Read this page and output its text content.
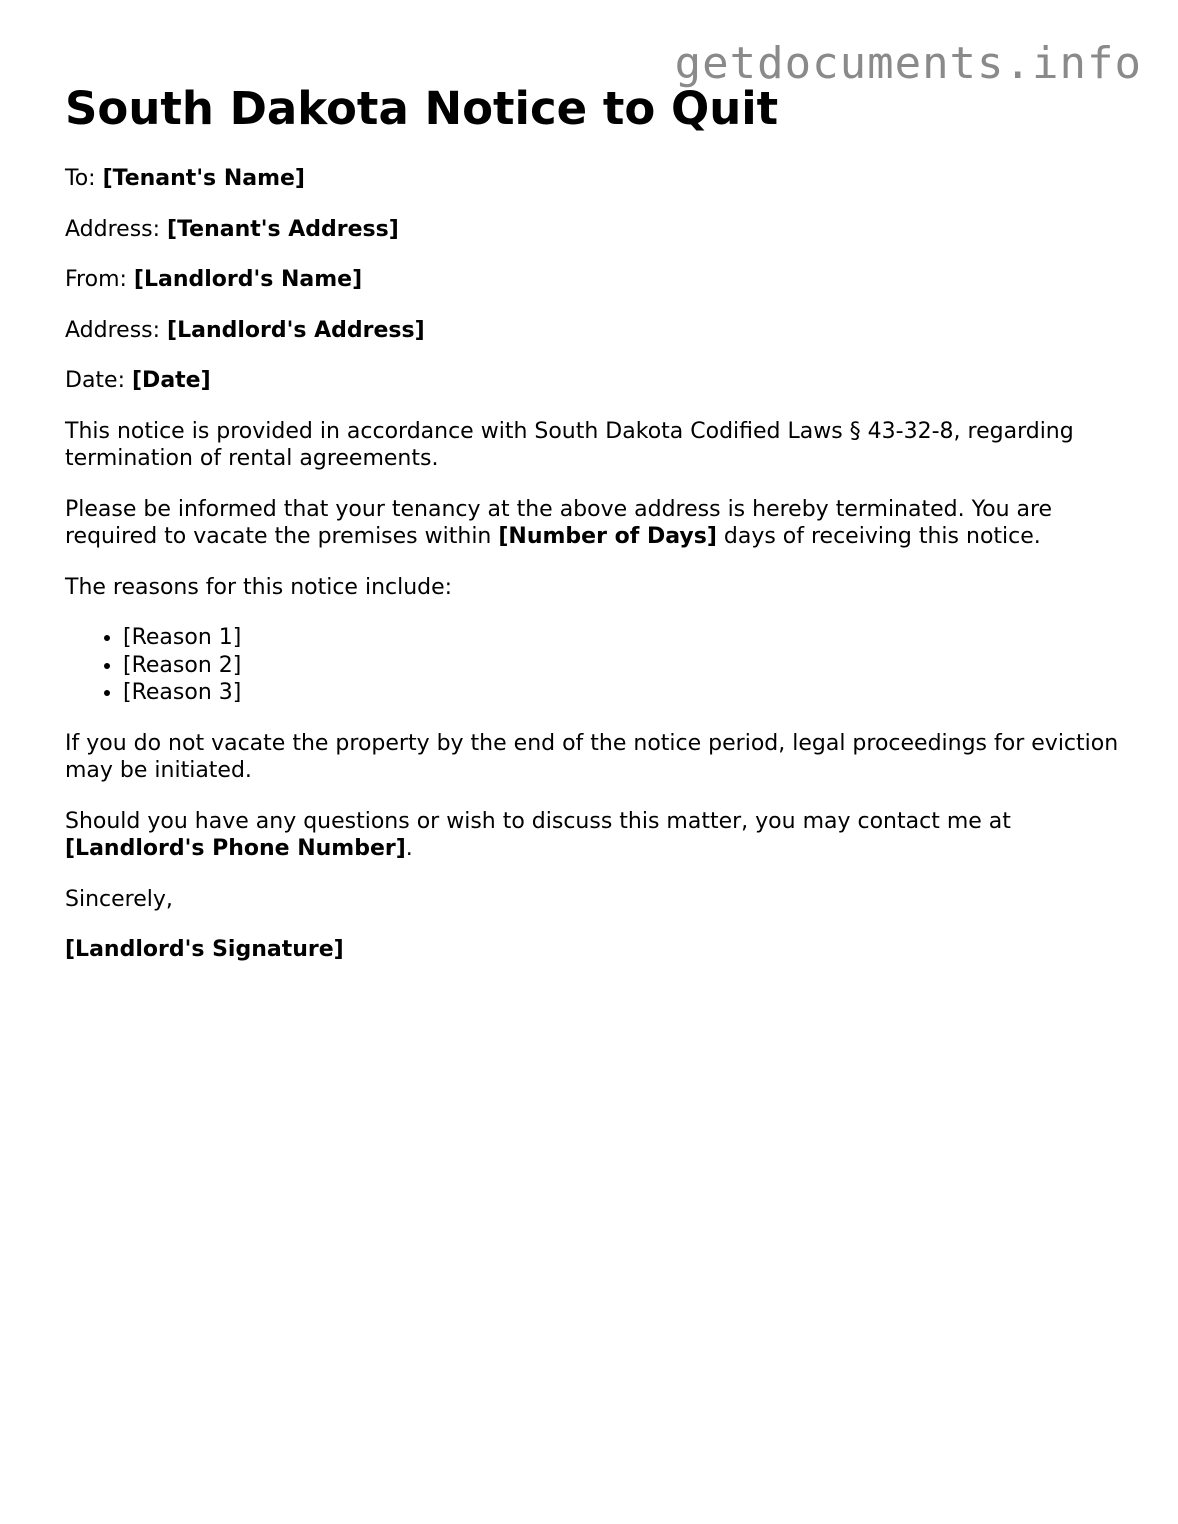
getdocuments.info
South Dakota Notice to Quit

To: [Tenant's Name]

Address: [Tenant's Address]

From: [Landlord's Name]

Address: [Landlord's Address]

Date: [Date]

This notice is provided in accordance with South Dakota Codified Laws § 43-32-8, regarding termination of rental agreements.

Please be informed that your tenancy at the above address is hereby terminated. You are required to vacate the premises within [Number of Days] days of receiving this notice.

The reasons for this notice include:

• [Reason 1]
• [Reason 2]
• [Reason 3]

If you do not vacate the property by the end of the notice period, legal proceedings for eviction may be initiated.

Should you have any questions or wish to discuss this matter, you may contact me at [Landlord's Phone Number].

Sincerely,

[Landlord's Signature]
